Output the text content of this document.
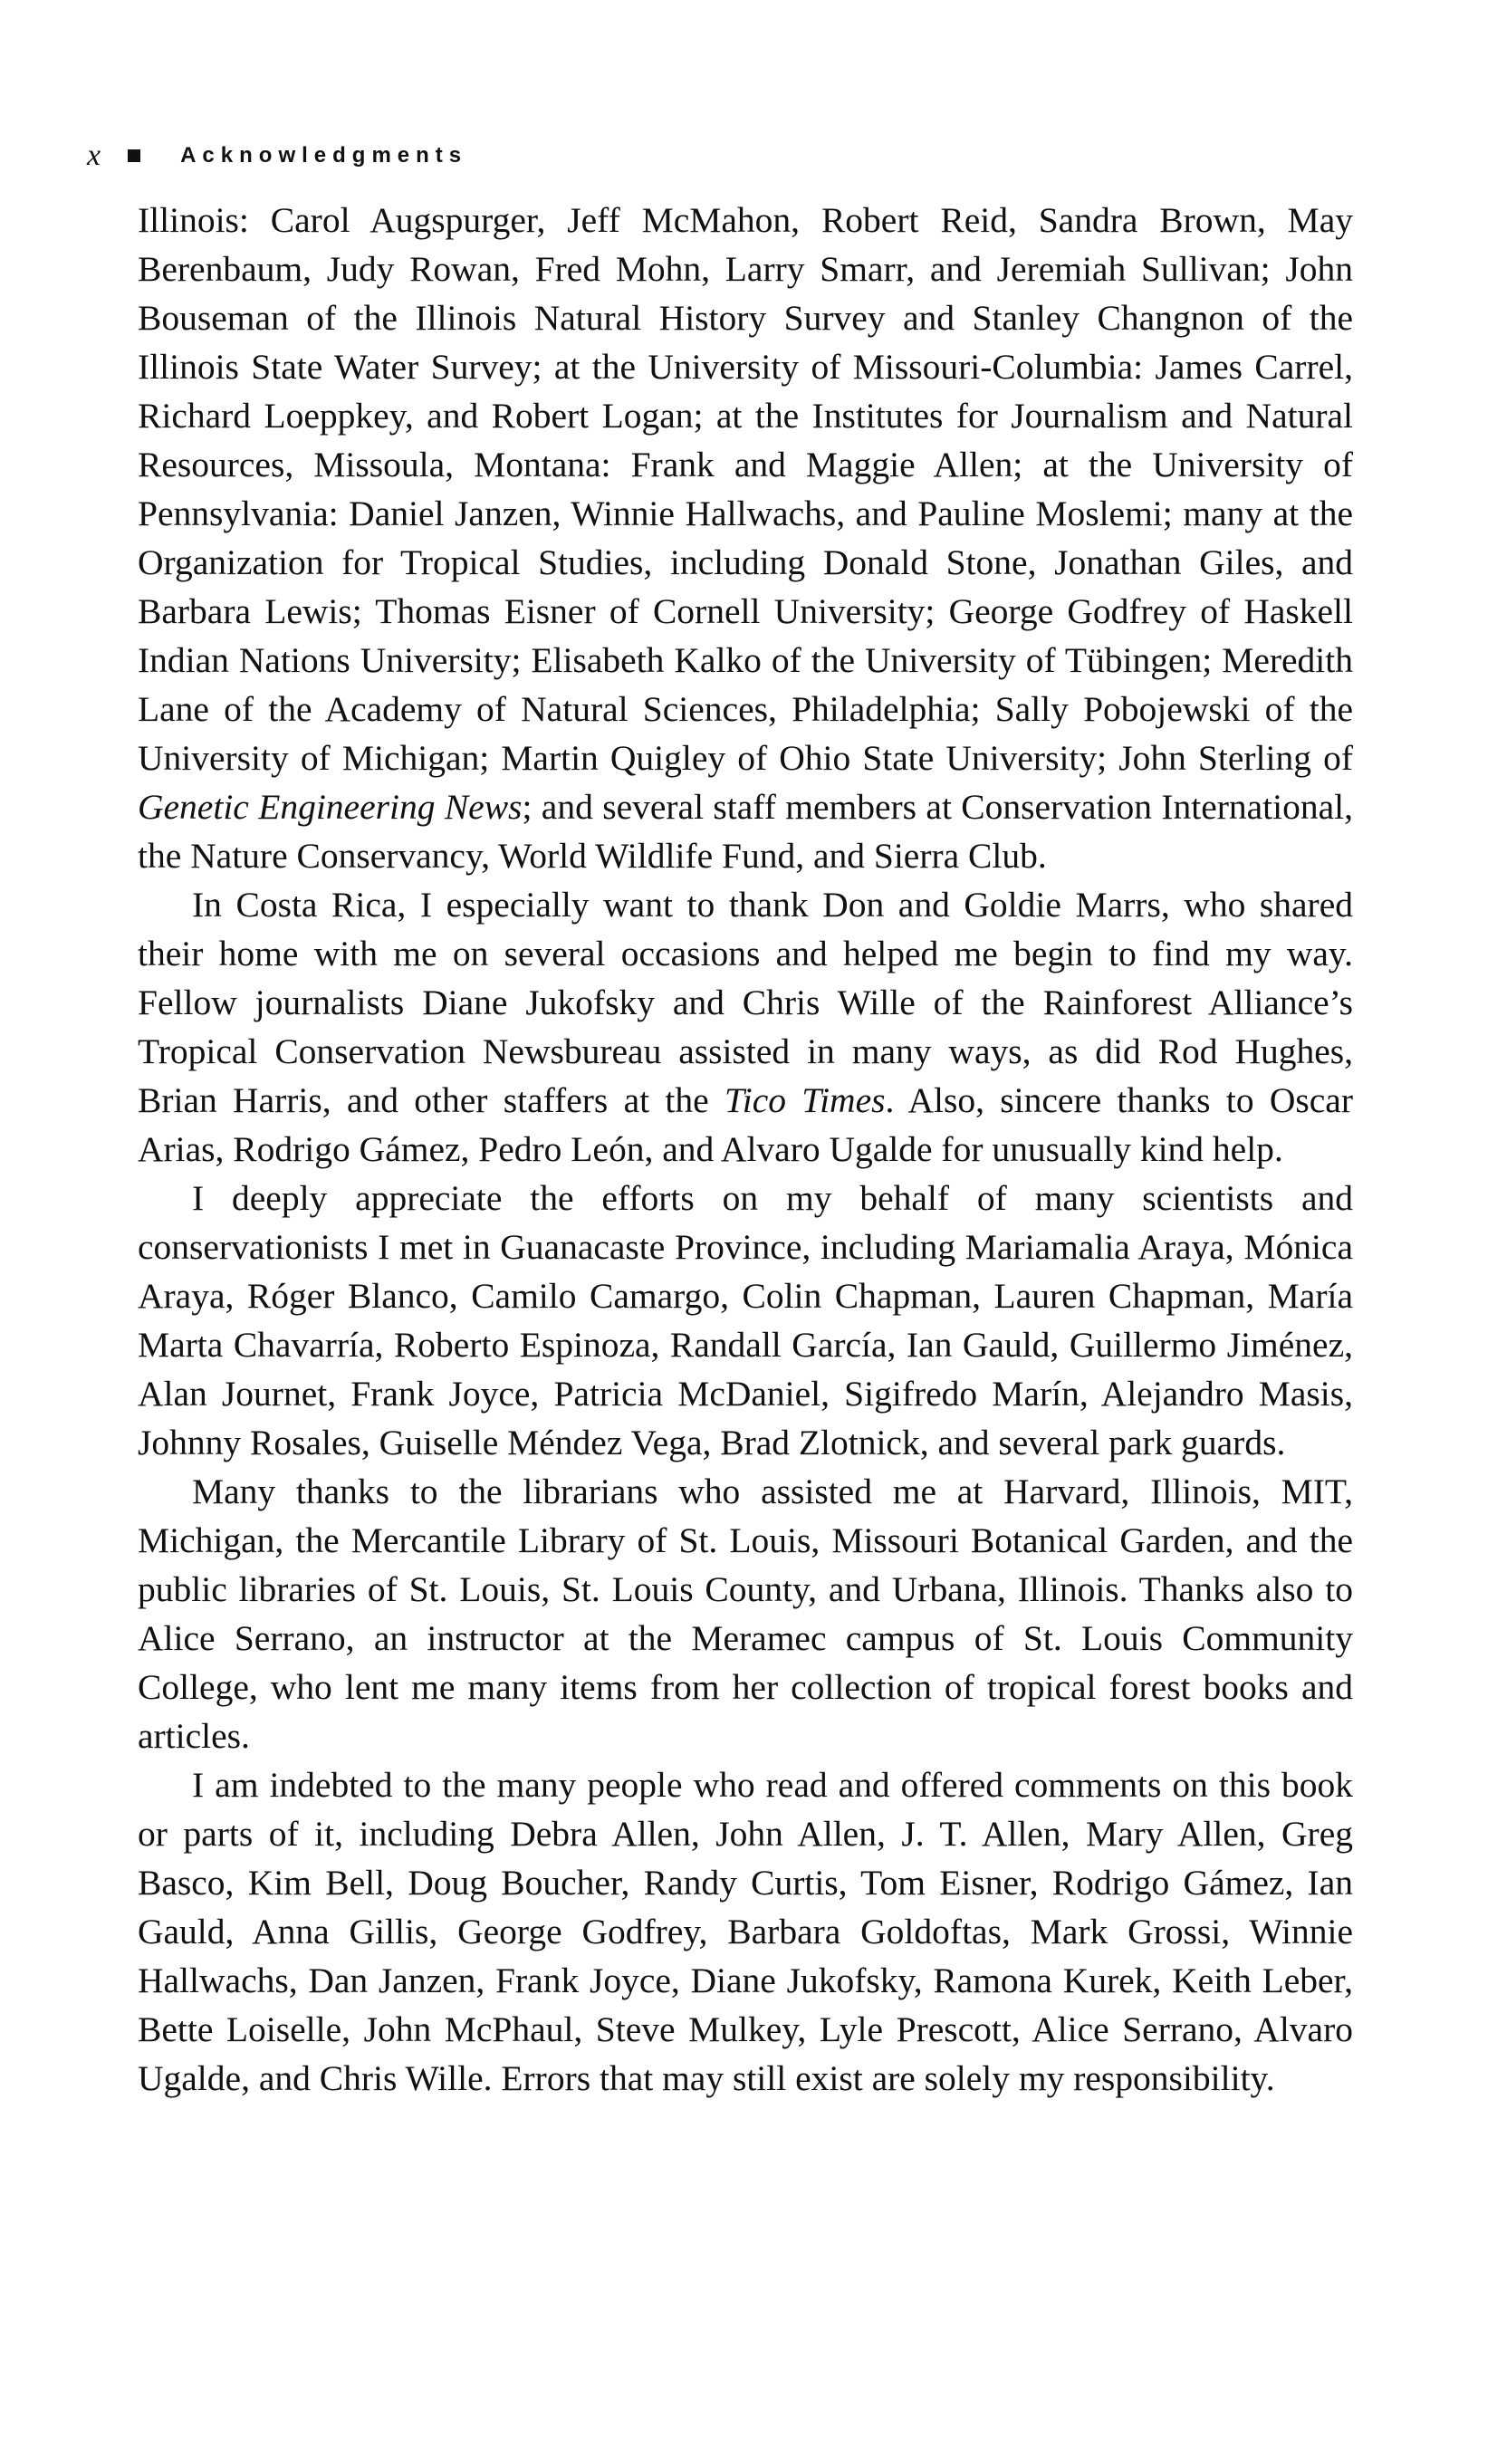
x	Acknowledgments

Illinois: Carol Augspurger, Jeff McMahon, Robert Reid, Sandra Brown, May Berenbaum, Judy Rowan, Fred Mohn, Larry Smarr, and Jeremiah Sullivan; John Bouseman of the Illinois Natural History Survey and Stanley Changnon of the Illinois State Water Survey; at the University of Missouri-Columbia: James Carrel, Richard Loeppkey, and Robert Logan; at the Institutes for Journalism and Natural Resources, Missoula, Montana: Frank and Maggie Allen; at the University of Pennsylvania: Daniel Janzen, Winnie Hallwachs, and Pauline Moslemi; many at the Organization for Tropical Studies, including Donald Stone, Jonathan Giles, and Barbara Lewis; Thomas Eisner of Cornell University; George Godfrey of Haskell Indian Nations University; Elisabeth Kalko of the University of Tübingen; Meredith Lane of the Academy of Natural Sciences, Philadelphia; Sally Pobojewski of the University of Michigan; Martin Quigley of Ohio State University; John Sterling of Genetic Engineering News; and several staff members at Conservation International, the Nature Conservancy, World Wildlife Fund, and Sierra Club.

In Costa Rica, I especially want to thank Don and Goldie Marrs, who shared their home with me on several occasions and helped me begin to find my way. Fellow journalists Diane Jukofsky and Chris Wille of the Rainforest Alliance’s Tropical Conservation Newsbureau assisted in many ways, as did Rod Hughes, Brian Harris, and other staffers at the Tico Times. Also, sincere thanks to Oscar Arias, Rodrigo Gámez, Pedro León, and Alvaro Ugalde for unusually kind help.

I deeply appreciate the efforts on my behalf of many scientists and conservationists I met in Guanacaste Province, including Mariamalia Araya, Mónica Araya, Róger Blanco, Camilo Camargo, Colin Chapman, Lauren Chapman, María Marta Chavarría, Roberto Espinoza, Randall García, Ian Gauld, Guillermo Jiménez, Alan Journet, Frank Joyce, Patricia McDaniel, Sigifredo Marín, Alejandro Masis, Johnny Rosales, Guiselle Méndez Vega, Brad Zlotnick, and several park guards.

Many thanks to the librarians who assisted me at Harvard, Illinois, MIT, Michigan, the Mercantile Library of St. Louis, Missouri Botanical Garden, and the public libraries of St. Louis, St. Louis County, and Urbana, Illinois. Thanks also to Alice Serrano, an instructor at the Meramec campus of St. Louis Community College, who lent me many items from her collection of tropical forest books and articles.

I am indebted to the many people who read and offered comments on this book or parts of it, including Debra Allen, John Allen, J. T. Allen, Mary Allen, Greg Basco, Kim Bell, Doug Boucher, Randy Curtis, Tom Eisner, Rodrigo Gámez, Ian Gauld, Anna Gillis, George Godfrey, Barbara Goldoftas, Mark Grossi, Winnie Hallwachs, Dan Janzen, Frank Joyce, Diane Jukofsky, Ramona Kurek, Keith Leber, Bette Loiselle, John McPhaul, Steve Mulkey, Lyle Prescott, Alice Serrano, Alvaro Ugalde, and Chris Wille. Errors that may still exist are solely my responsibility.
